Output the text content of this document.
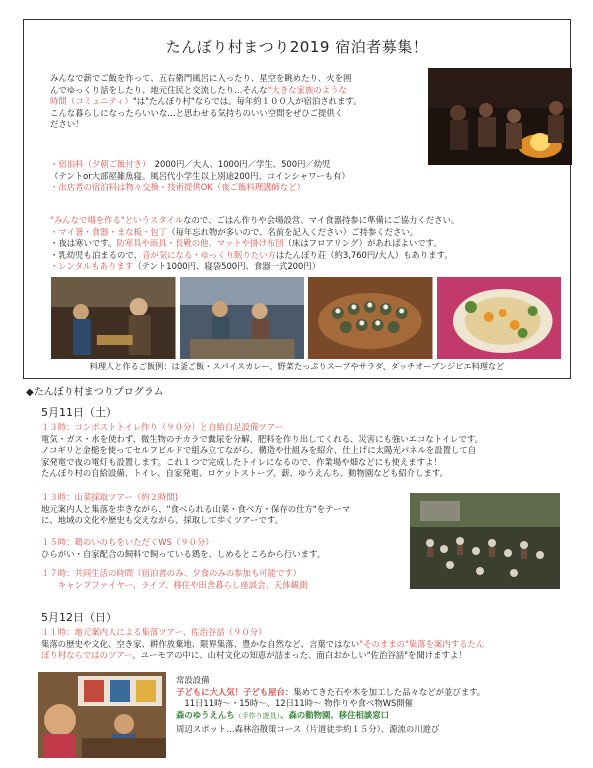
たんぼり村まつり2019 宿泊者募集！
みんなで薪でご飯を作って、五右衛門風呂に入ったり、星空を眺めたり、火を囲
んでゆっくり話をしたり、地元住民と交流したり…そんな"大きな家族のような
時間（コミュニティ）"は"たんぼり村"ならでは。毎年約１００人が宿泊されます。
こんな暮らしになったらいいな…と思わせる気持ちのいい空間をぜひご提供く
ださい！
・宿泊料（夕朝ご飯付き）　2000円／大人、1000円／学生、500円／幼児
（テントor大部屋雑魚寝。風呂代小学生以上別途200円、コインシャワーも有）
・出店者の宿泊料は物々交換・技術提供OK（夜ご飯料理講師など）
"みんなで場を作る"というスタイルなので、ごはん作りや会場設営、マイ食器持参に準備にご協力ください。
・マイ箸・食器・まな板・包丁（毎年忘れ物が多いので、名前を記入ください）ご持参ください。
・夜は寒いです。防寒具や雨具・長靴の他、マットや掛け布団（床はフロアリング）があればよいです。
・乳幼児も泊まるので、音が気になる・ゆっくり眠りたい方はたんぼり荘（約3,760円/大人）もあります。
・レンタルもあります（テント1000円、寝袋500円、食器一式200円）
料理人と作るご飯例：は釜ご飯・スパイスカレー、野菜たっぷりスープやサラダ、ダッチオーブンジビエ料理など
◆たんぼり村まつりプログラム
5月11日（土）
１３時：コンポストトイレ作り（９０分）と自給自足設備ツアー
電気・ガス・水を使わず、微生物のチカラで糞尿を分解、肥料を作り出してくれる、災害にも強いエコなトイレです。
ノコギリと金槌を使ってセルフビルドで組み立てながら、構造や仕組みを紹介、仕上げに太陽光パネルを設置して自
家発電で夜の電灯も設置します。これ１つで完成したトイレになるので、作業場や畑などにも使えますよ！
たんぼり村の自給設備、トイレ、自家発電、ロケットストーブ、薪、ゆうえんち、動物園なども紹介します。
１３時：山菜採取ツアー（約２時間)
地元案内人と集落を歩きながら、"食べられる山菜・食べ方・保存の仕方"をテーマ
に、地域の文化や歴史も交えながら、採取して歩くツアーです。
１５時：鶏のいのちをいただくWS（９０分）
ひらがい・自家配合の飼料で飼っている鶏を、しめるところから行います。
１７時：共同生活の時間（宿泊者のみ、夕食のみの参加も可能です）
　　キャンプファイヤー、ライブ、移住や田舎暮らし座談会、天体観測
5月12日（日）
１１時：地元案内人による集落ツアー、佐治谷話（９０分）
集落の歴史や文化、空き家、耕作放棄地、限界集落、豊かな自然など、言葉ではない"そのままの"集落を案内するたん
ぼり村ならではのツアー。ユーモアの中に、山村文化の知恵が詰まった、面白おかしい"佐治谷話"を聞けますよ！
常設設備
子どもに大人気！子ども屋台：集めてきた石や木を加工した品々などが並びます。
　11日11時～・15時～、12日11時～ 物作りや食べ物WS開催
森のゆうえんち（手作り遊具）、森の動物園、移住相談窓口
周辺スポット…森林浴散策コース（片道徒歩約１５分）、源流の川遊び
